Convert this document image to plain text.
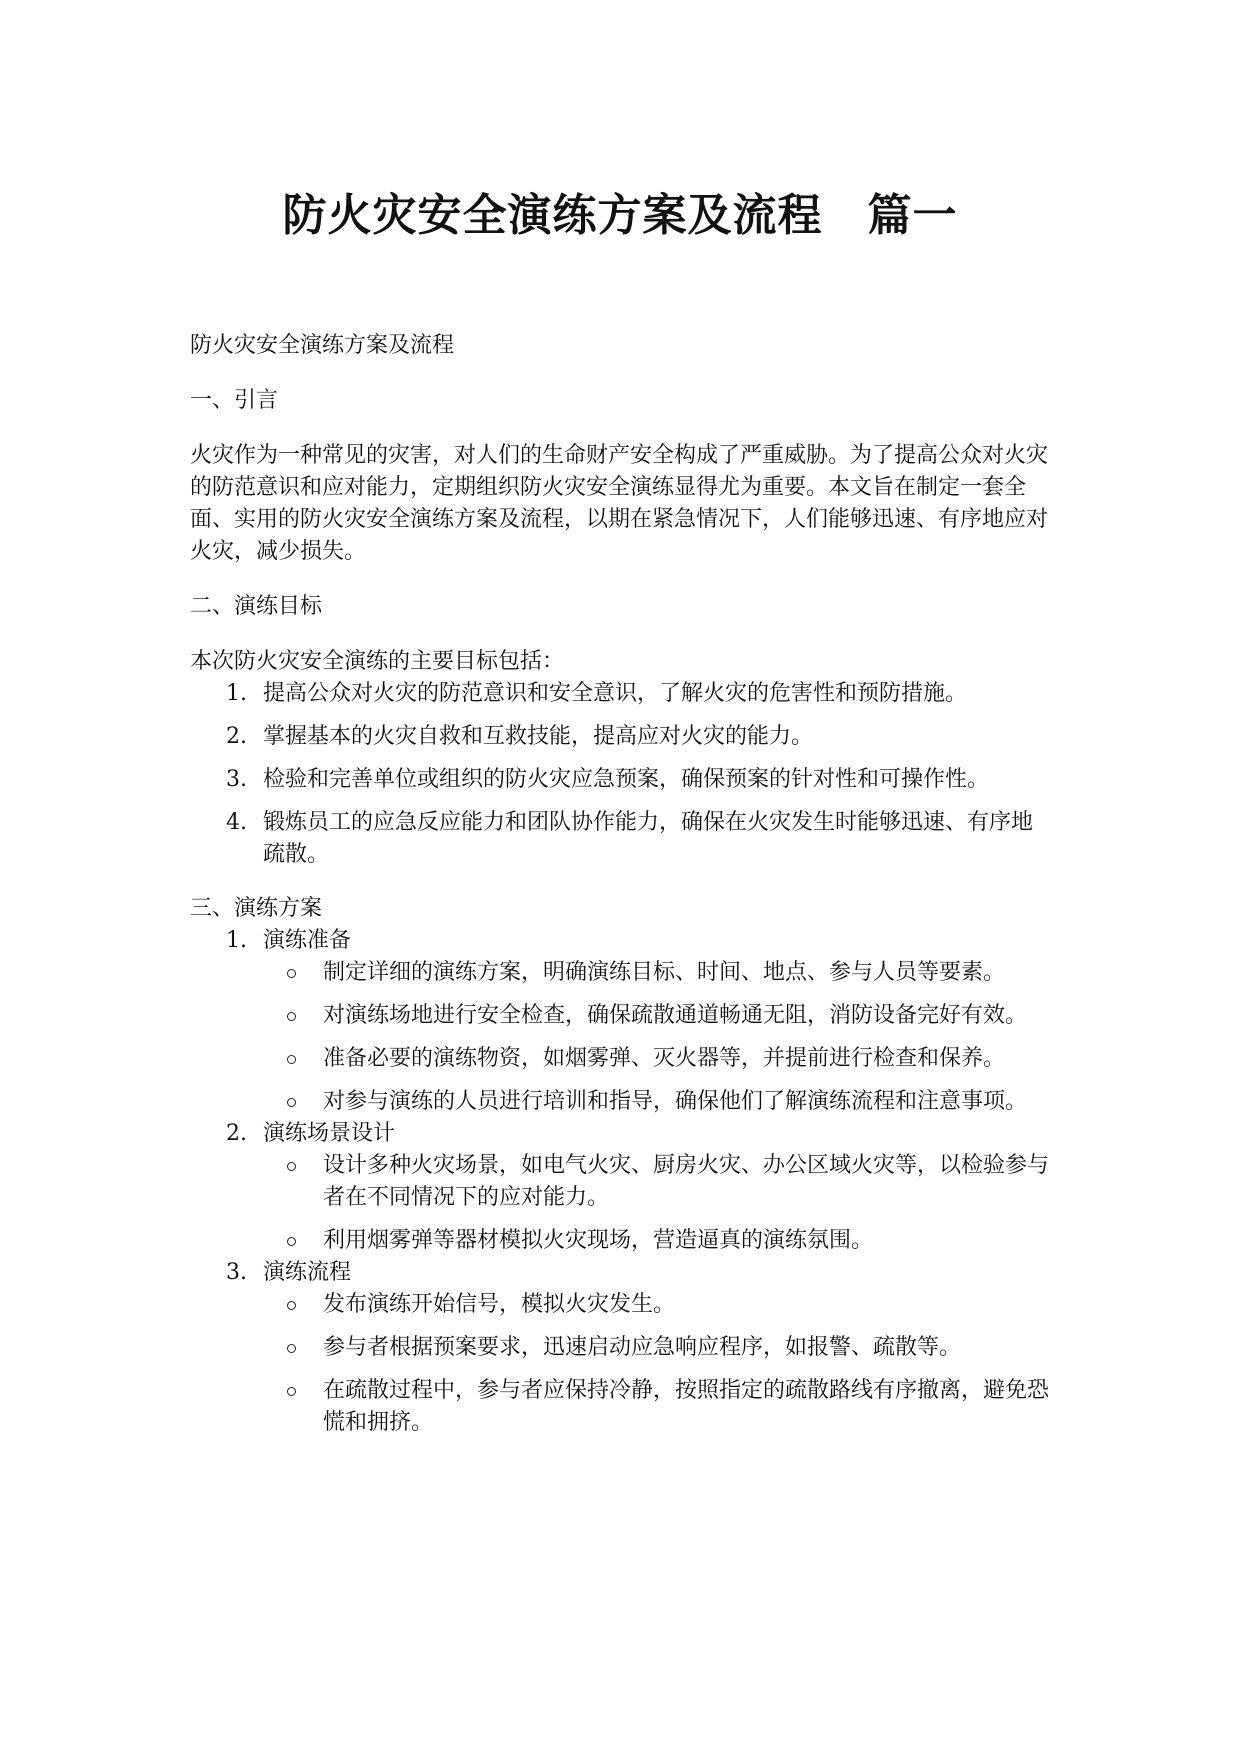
防火灾安全演练方案及流程　篇一

防火灾安全演练方案及流程

一、引言

火灾作为一种常见的灾害，对人们的生命财产安全构成了严重威胁。为了提高公众对火灾的防范意识和应对能力，定期组织防火灾安全演练显得尤为重要。本文旨在制定一套全面、实用的防火灾安全演练方案及流程，以期在紧急情况下，人们能够迅速、有序地应对火灾，减少损失。

二、演练目标

本次防火灾安全演练的主要目标包括：

1. 提高公众对火灾的防范意识和安全意识，了解火灾的危害性和预防措施。
2. 掌握基本的火灾自救和互救技能，提高应对火灾的能力。
3. 检验和完善单位或组织的防火灾应急预案，确保预案的针对性和可操作性。
4. 锻炼员工的应急反应能力和团队协作能力，确保在火灾发生时能够迅速、有序地疏散。

三、演练方案

1. 演练准备
制定详细的演练方案，明确演练目标、时间、地点、参与人员等要素。
对演练场地进行安全检查，确保疏散通道畅通无阻，消防设备完好有效。
准备必要的演练物资，如烟雾弹、灭火器等，并提前进行检查和保养。
对参与演练的人员进行培训和指导，确保他们了解演练流程和注意事项。
2. 演练场景设计
设计多种火灾场景，如电气火灾、厨房火灾、办公区域火灾等，以检验参与者在不同情况下的应对能力。
利用烟雾弹等器材模拟火灾现场，营造逼真的演练氛围。
3. 演练流程
发布演练开始信号，模拟火灾发生。
参与者根据预案要求，迅速启动应急响应程序，如报警、疏散等。
在疏散过程中，参与者应保持冷静，按照指定的疏散路线有序撤离，避免恐慌和拥挤。
